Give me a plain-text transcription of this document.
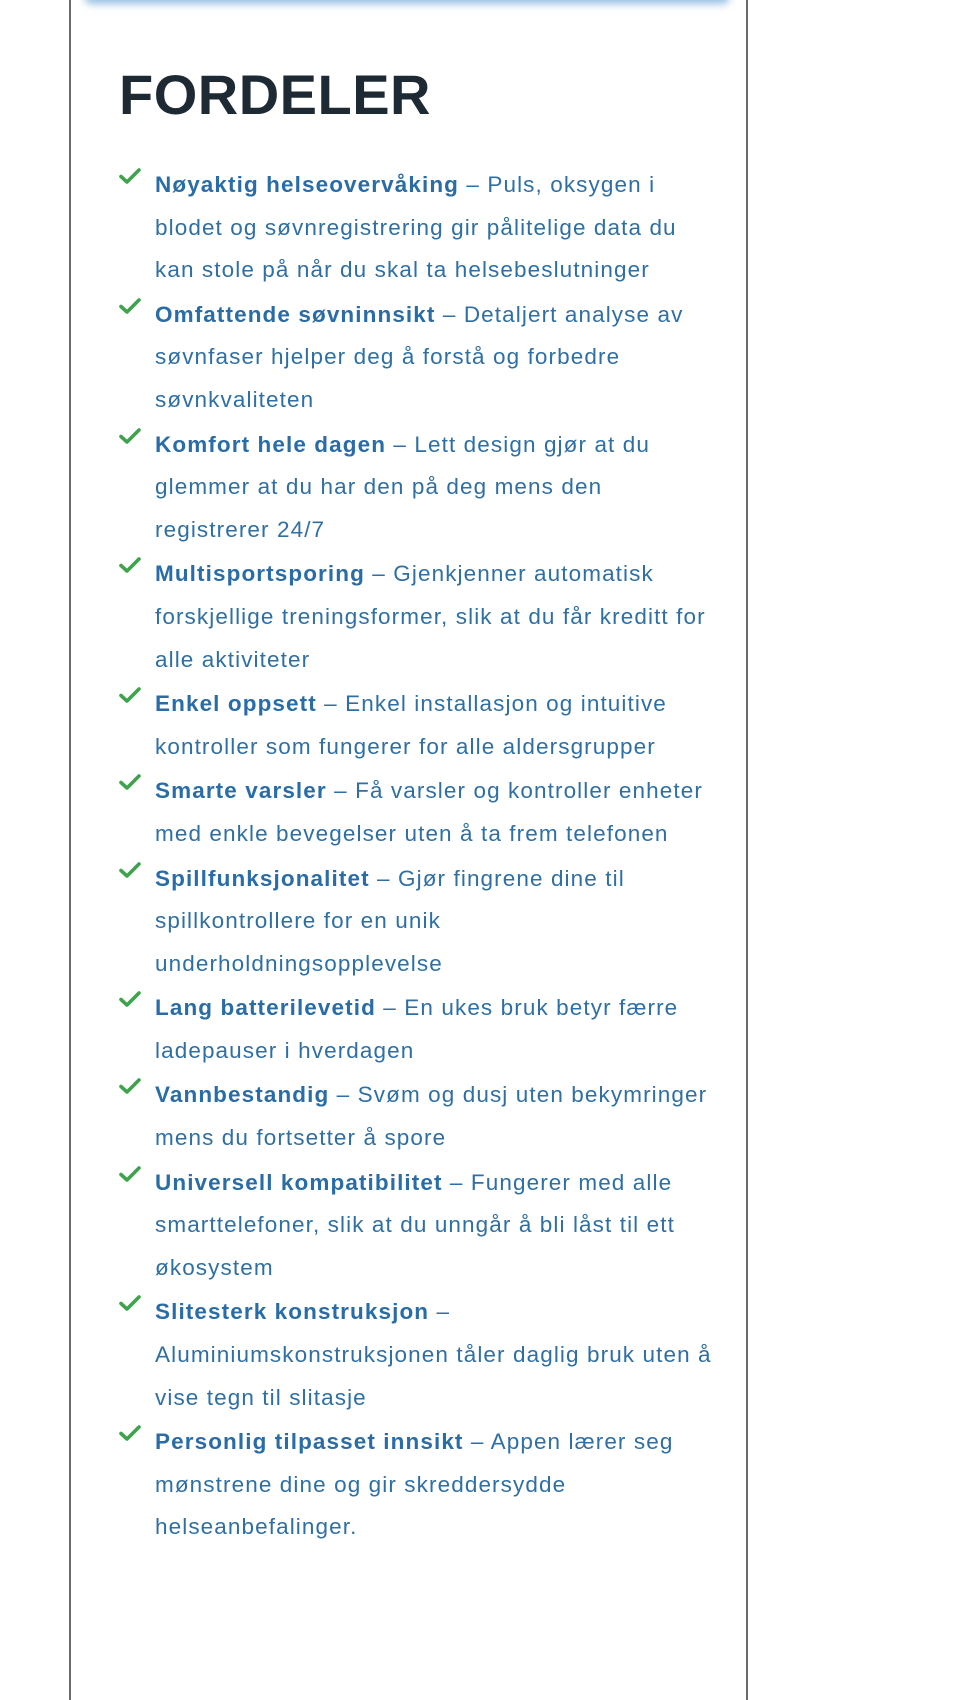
FORDELER
Nøyaktig helseovervåking – Puls, oksygen i blodet og søvnregistrering gir pålitelige data du kan stole på når du skal ta helsebeslutninger
Omfattende søvninnsikt – Detaljert analyse av søvnfaser hjelper deg å forstå og forbedre søvnkvaliteten
Komfort hele dagen – Lett design gjør at du glemmer at du har den på deg mens den registrerer 24/7
Multisportsporing – Gjenkjenner automatisk forskjellige treningsformer, slik at du får kreditt for alle aktiviteter
Enkel oppsett – Enkel installasjon og intuitive kontroller som fungerer for alle aldersgrupper
Smarte varsler – Få varsler og kontroller enheter med enkle bevegelser uten å ta frem telefonen
Spillfunksjonalitet – Gjør fingrene dine til spillkontrollere for en unik underholdningsopplevelse
Lang batterilevetid – En ukes bruk betyr færre ladepauser i hverdagen
Vannbestandig – Svøm og dusj uten bekymringer mens du fortsetter å spore
Universell kompatibilitet – Fungerer med alle smarttelefoner, slik at du unngår å bli låst til ett økosystem
Slitesterk konstruksjon – Aluminiumskonstruksjonen tåler daglig bruk uten å vise tegn til slitasje
Personlig tilpasset innsikt – Appen lærer seg mønstrene dine og gir skreddersydde helseanbefalinger.
